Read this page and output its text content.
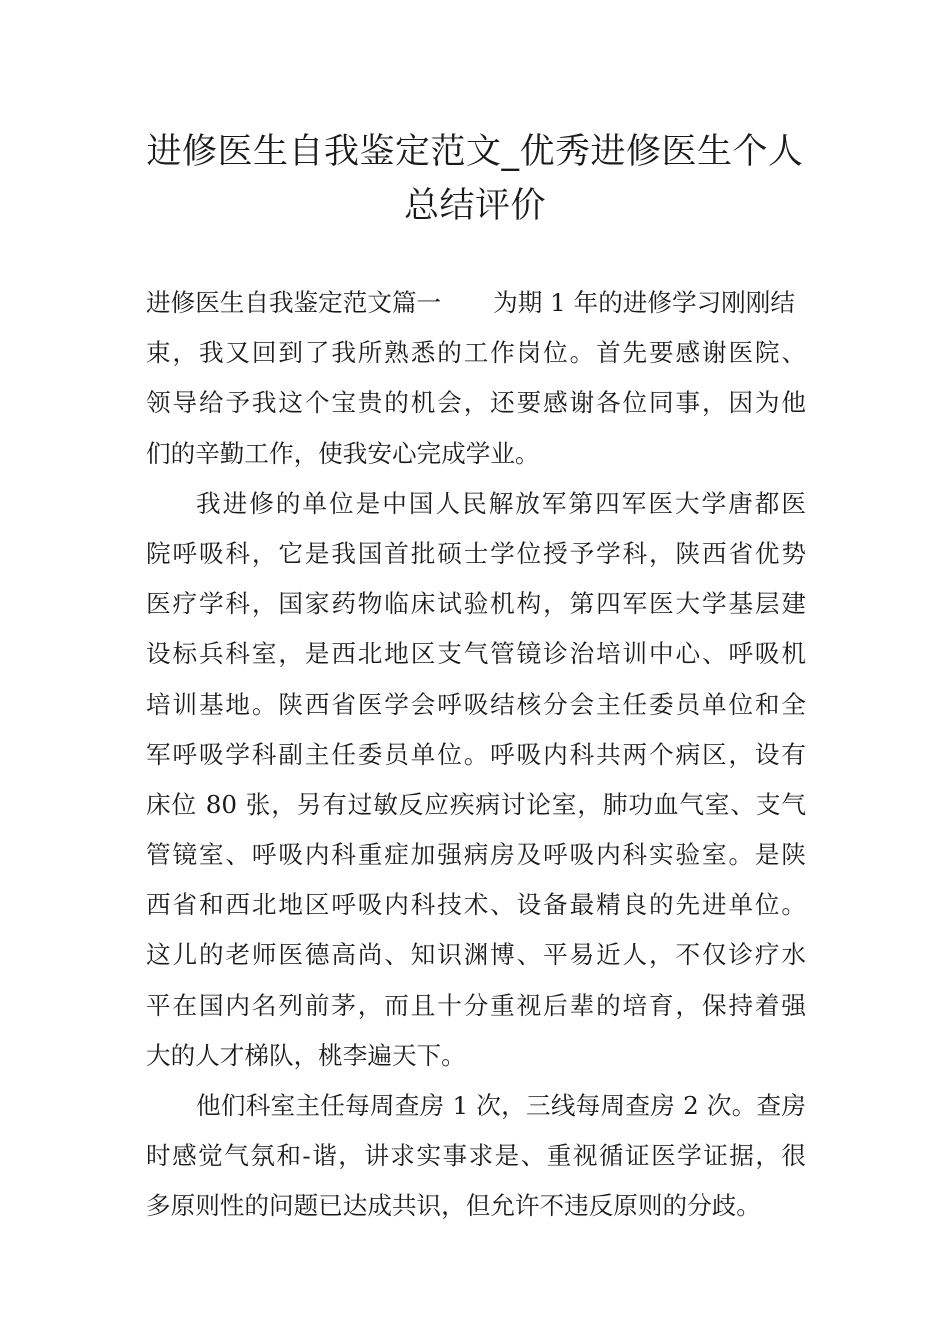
进修医生自我鉴定范文_优秀进修医生个人
总结评价
进修医生自我鉴定范文篇一 为期 1 年的进修学习刚刚结
束，我又回到了我所熟悉的工作岗位。首先要感谢医院、
领导给予我这个宝贵的机会，还要感谢各位同事，因为他
们的辛勤工作，使我安心完成学业。
我进修的单位是中国人民解放军第四军医大学唐都医
院呼吸科，它是我国首批硕士学位授予学科，陕西省优势
医疗学科，国家药物临床试验机构，第四军医大学基层建
设标兵科室，是西北地区支气管镜诊治培训中心、呼吸机
培训基地。陕西省医学会呼吸结核分会主任委员单位和全
军呼吸学科副主任委员单位。呼吸内科共两个病区，设有
床位 80 张，另有过敏反应疾病讨论室，肺功血气室、支气
管镜室、呼吸内科重症加强病房及呼吸内科实验室。是陕
西省和西北地区呼吸内科技术、设备最精良的先进单位。
这儿的老师医德高尚、知识渊博、平易近人，不仅诊疗水
平在国内名列前茅，而且十分重视后辈的培育，保持着强
大的人才梯队，桃李遍天下。
他们科室主任每周查房 1 次，三线每周查房 2 次。查房
时感觉气氛和-谐，讲求实事求是、重视循证医学证据，很
多原则性的问题已达成共识，但允许不违反原则的分歧。
